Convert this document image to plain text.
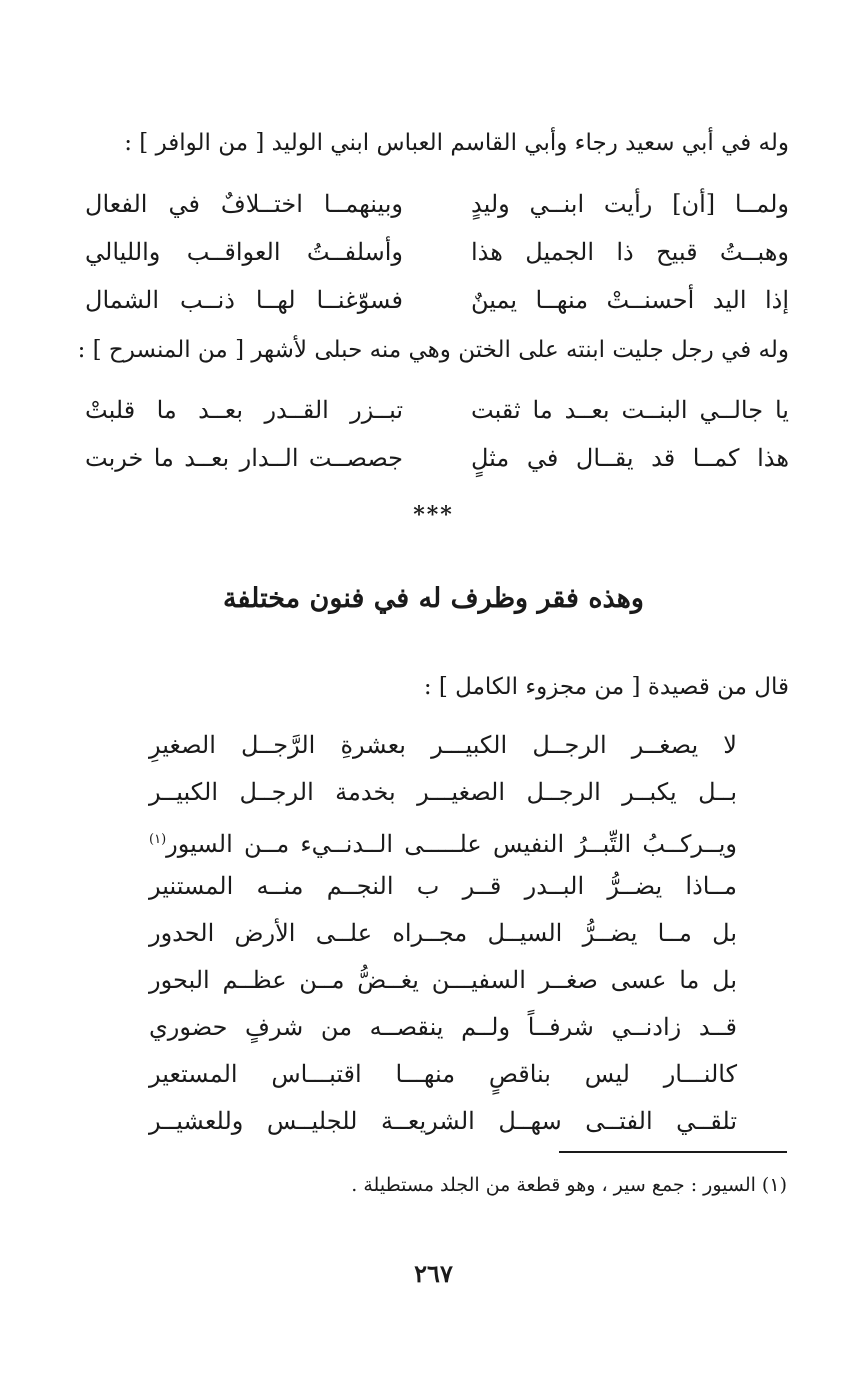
وله في أبي سعيد رجاء وأبي القاسم العباس ابني الوليد [ من الوافر ] :
ولمــا [أن] رأيت ابنــي وليدٍ
وبينهمــا اختــلافٌ في الفعال
وهبــتُ قبيح ذا الجميل هذا
وأسلفــتُ العواقــب والليالي
إذا اليد أحسنــتْ منهــا يمينٌ
فسوّغنــا لهــا ذنــب الشمال
وله في رجل جليت ابنته على الختن وهي منه حبلى لأشهر [ من المنسرح ] :
يا جالــي البنــت بعــد ما ثقبت
تبــزر القــدر بعــد ما قلبتْ
هذا كمــا قد يقــال في مثلٍ
جصصــت الــدار بعــد ما خربت
***
وهذه فقر وظرف له في فنون مختلفة
قال من قصيدة [ من مجزوء الكامل ] :
لا يصغــر الرجــل الكبيـــر بعشرةِ الرَّجــل الصغيرِ
بــل يكبــر الرجــل الصغيـــر بخدمة الرجــل الكبيــر
ويــركــبُ التِّبــرُ النفيس علـــــى الــدنــيء مــن السيور$^{(١)}$
مــاذا يضــرُّ البــدر قــر ب النجــم منــه المستنير
بل مــا يضــرُّ السيــل مجــراه علــى الأرض الحدور
بل ما عسى صغــر السفيـــن يغــضُّ مــن عظــم البحور
قــد زادنــي شرفــاً ولــم ينقصــه من شرفٍ حضوري
كالنـــار ليس بناقصٍ منهـــا اقتبـــاس المستعير
تلقــي الفتــى سهــل الشريعــة للجليــس وللعشيــر
(١) السيور : جمع سير ، وهو قطعة من الجلد مستطيلة .
٢٦٧
